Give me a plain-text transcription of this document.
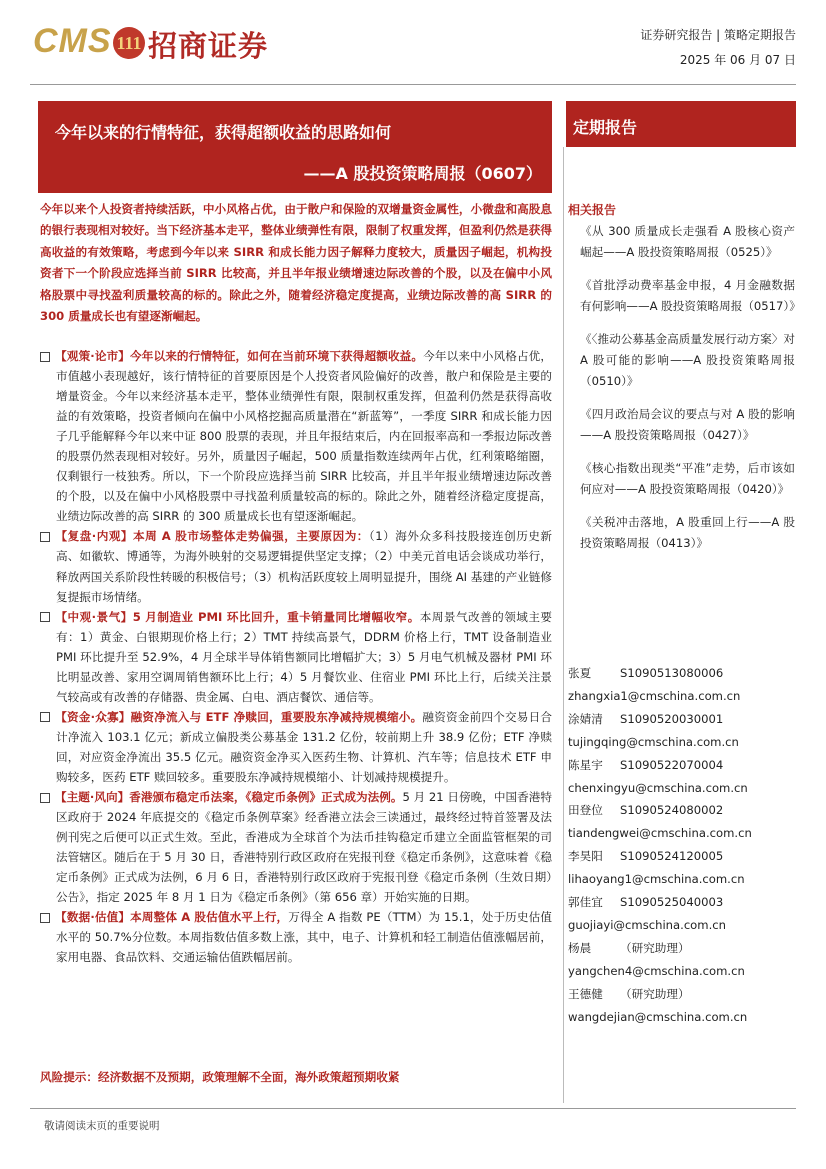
CMS 111 招商证券	证券研究报告 | 策略定期报告
2025 年 06 月 07 日
今年以来的行情特征，获得超额收益的思路如何
——A 股投资策略周报（0607）
定期报告
今年以来个人投资者持续活跃，中小风格占优，由于散户和保险的双增量资金属性，小微盘和高股息的银行表现相对较好。当下经济基本走平，整体业绩弹性有限，限制了权重发挥，但盈利仍然是获得高收益的有效策略，考虑到今年以来 SIRR 和成长能力因子解释力度较大，质量因子崛起，机构投资者下一个阶段应选择当前 SIRR 比较高，并且半年报业绩增速边际改善的个股，以及在偏中小风格股票中寻找盈利质量较高的标的。除此之外，随着经济稳定度提高，业绩边际改善的高 SIRR 的 300 质量成长也有望逐渐崛起。

【观策·论市】今年以来的行情特征，如何在当前环境下获得超额收益。今年以来中小风格占优，市值越小表现越好，该行情特征的首要原因是个人投资者风险偏好的改善，散户和保险是主要的增量资金。今年以来经济基本走平，整体业绩弹性有限，限制权重发挥，但盈利仍然是获得高收益的有效策略，投资者倾向在偏中小风格挖掘高质量潜在“新蓝筹”，一季度 SIRR 和成长能力因子几乎能解释今年以来中证 800 股票的表现，并且年报结束后，内在回报率高和一季报边际改善的股票仍然表现相对较好。另外，质量因子崛起，500 质量指数连续两年占优，红利策略缩圈，仅剩银行一枝独秀。所以，下一个阶段应选择当前 SIRR 比较高，并且半年报业绩增速边际改善的个股，以及在偏中小风格股票中寻找盈利质量较高的标的。除此之外，随着经济稳定度提高，业绩边际改善的高 SIRR 的 300 质量成长也有望逐渐崛起。

【复盘·内观】本周 A 股市场整体走势偏强，主要原因为：（1）海外众多科技股接连创历史新高、如徽软、博通等，为海外映射的交易逻辑提供坚定支撑；（2）中美元首电话会谈成功举行，释放两国关系阶段性转暖的积极信号；（3）机构活跃度较上周明显提升，围绕 AI 基建的产业链修复提振市场情绪。

【中观·景气】5 月制造业 PMI 环比回升，重卡销量同比增幅收窄。本周景气改善的领域主要有：1）黄金、白银期现价格上行；2）TMT 持续高景气，DDRM 价格上行，TMT 设备制造业 PMI 环比提升至 52.9%，4 月全球半导体销售额同比增幅扩大；3）5 月电气机械及器材 PMI 环比明显改善、家用空调周销售额环比上行；4）5 月餐饮业、住宿业 PMI 环比上行，后续关注景气较高或有改善的存储器、贵金属、白电、酒店餐饮、通信等。

【资金·众寡】融资净流入与 ETF 净赎回，重要股东净减持规模缩小。融资资金前四个交易日合计净流入 103.1 亿元；新成立偏股类公募基金 131.2 亿份，较前期上升 38.9 亿份；ETF 净赎回，对应资金净流出 35.5 亿元。融资资金净买入医药生物、计算机、汽车等；信息技术 ETF 申购较多，医药 ETF 赎回较多。重要股东净减持规模缩小、计划减持规模提升。

【主题·风向】香港颁布稳定币法案，《稳定币条例》正式成为法例。5 月 21 日傍晚，中国香港特区政府于 2024 年底提交的《稳定币条例草案》经香港立法会三读通过，最终经过特首签署及法例刊宪之后便可以正式生效。至此，香港成为全球首个为法币挂钩稳定币建立全面监管框架的司法管辖区。随后在于 5 月 30 日，香港特别行政区政府在宪报刊登《稳定币条例》，这意味着《稳定币条例》正式成为法例，6 月 6 日，香港特别行政区政府于宪报刊登《稳定币条例（生效日期）公告》，指定 2025 年 8 月 1 日为《稳定币条例》（第 656 章）开始实施的日期。

【数据·估值】本周整体 A 股估值水平上行，万得全 A 指数 PE（TTM）为 15.1，处于历史估值水平的 50.7%分位数。本周指数估值多数上涨，其中，电子、计算机和轻工制造估值涨幅居前，家用电器、食品饮料、交通运输估值跌幅居前。

风险提示：经济数据不及预期，政策理解不全面，海外政策超预期收紧
相关报告
《从 300 质量成长走强看 A 股核心资产崛起——A 股投资策略周报（0525）》
《首批浮动费率基金申报，4 月金融数据有何影响——A 股投资策略周报（0517）》
《〈推动公募基金高质量发展行动方案〉对 A 股可能的影响——A 股投资策略周报（0510）》
《四月政治局会议的要点与对 A 股的影响——A 股投资策略周报（0427）》
《核心指数出现类“平准”走势，后市该如何应对——A 股投资策略周报（0420）》
《关税冲击落地，A 股重回上行——A 股投资策略周报（0413）》
张夏 S1090513080006
zhangxia1@cmschina.com.cn
涂婧清 S1090520030001
tujingqing@cmschina.com.cn
陈星宇 S1090522070004
chenxingyu@cmschina.com.cn
田登位 S1090524080002
tiandengwei@cmschina.com.cn
李昊阳 S1090524120005
lihaoyang1@cmschina.com.cn
郭佳宜 S1090525040003
guojiayi@cmschina.com.cn
杨晨 （研究助理）
yangchen4@cmschina.com.cn
王德健 （研究助理）
wangdejian@cmschina.com.cn
敬请阅读末页的重要说明
